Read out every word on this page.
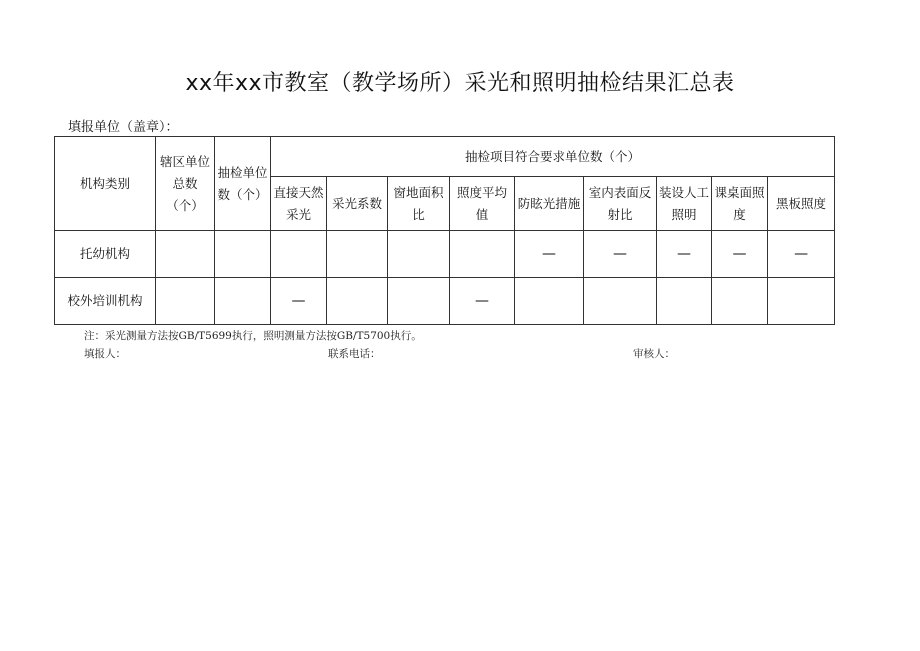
xx年xx市教室（教学场所）采光和照明抽检结果汇总表
填报单位（盖章）：
机构类别	辖区单位总数（个）	抽检单位数（个）	抽检项目符合要求单位数（个）								

			直接天然采光	采光系数	窗地面积比	照度平均值	防眩光措施	室内表面反射比	装设人工照明	课桌面照度	黑板照度

托幼机构							—	—	—	—	—
校外培训机构			—			—					
注：采光测量方法按GB/T5699执行，照明测量方法按GB/T5700执行。
填报人：	联系电话：	审核人：
